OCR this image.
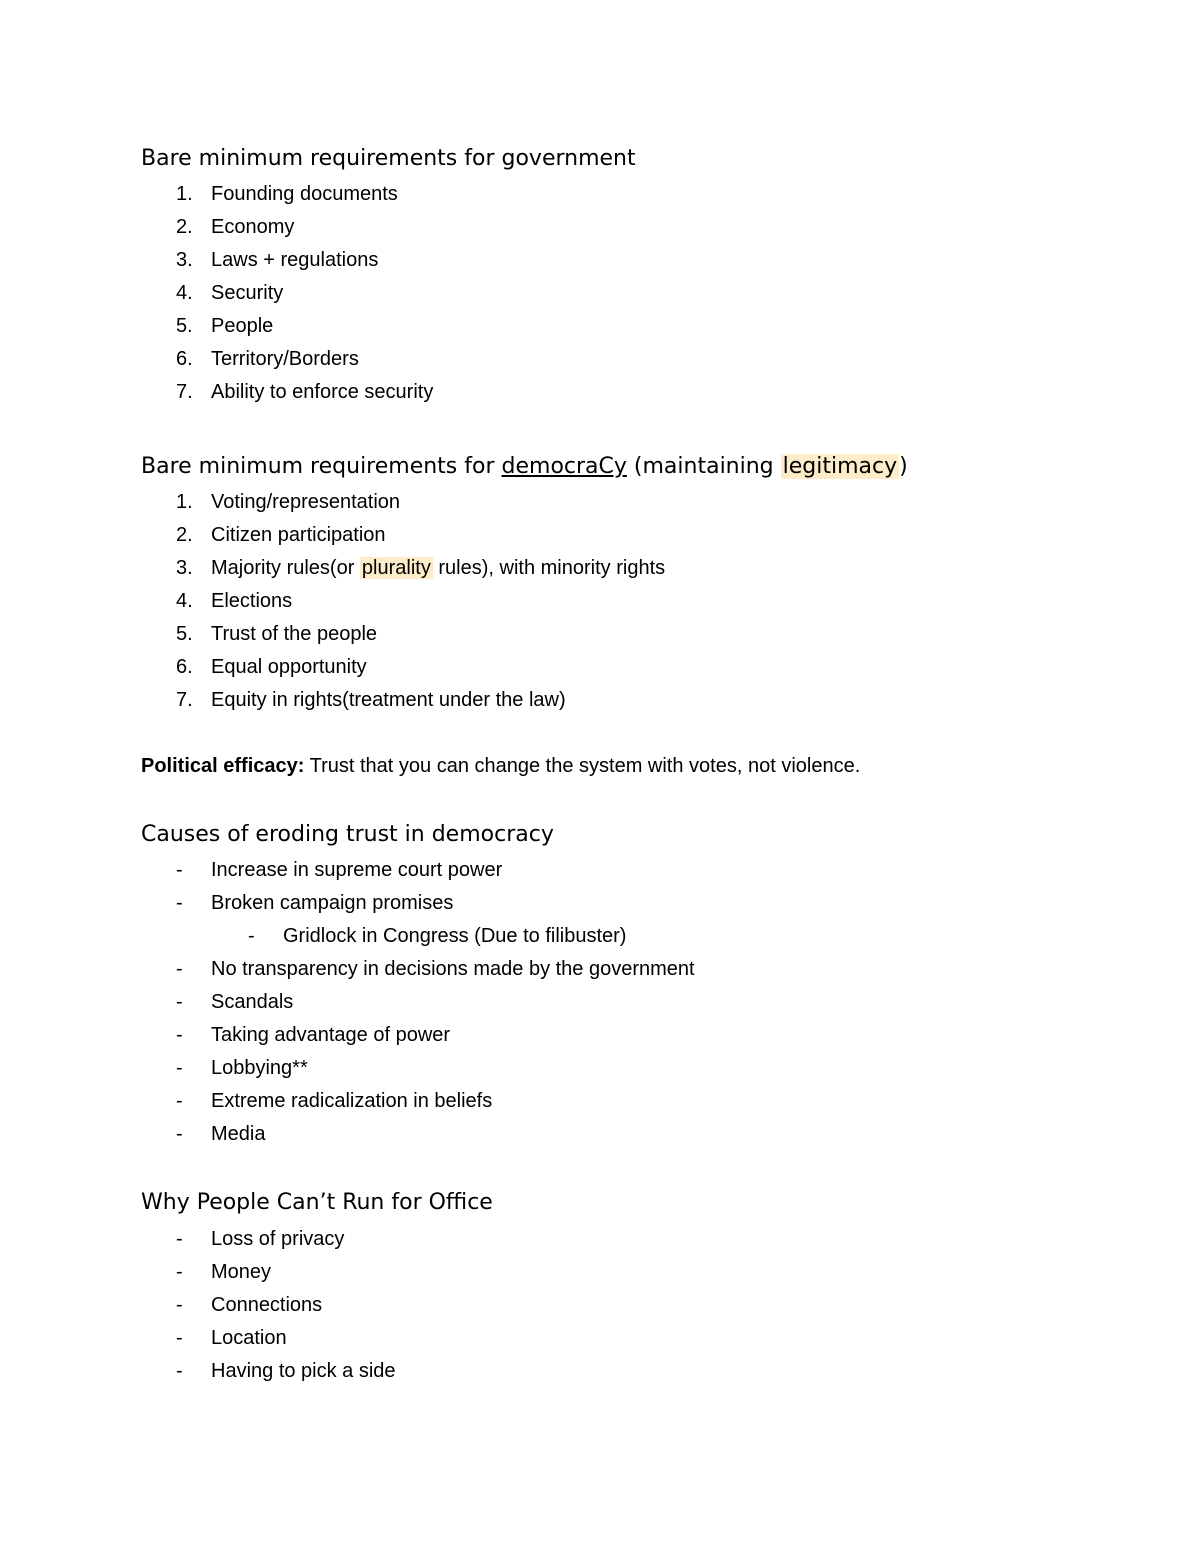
Bare minimum requirements for government
1. Founding documents
2. Economy
3. Laws + regulations
4. Security
5. People
6. Territory/Borders
7. Ability to enforce security
Bare minimum requirements for democraCy (maintaining legitimacy)
1. Voting/representation
2. Citizen participation
3. Majority rules(or plurality rules), with minority rights
4. Elections
5. Trust of the people
6. Equal opportunity
7. Equity in rights(treatment under the law)
Political efficacy: Trust that you can change the system with votes, not violence.
Causes of eroding trust in democracy
-	Increase in supreme court power
-	Broken campaign promises
-	Gridlock in Congress (Due to filibuster)
-	No transparency in decisions made by the government
-	Scandals
-	Taking advantage of power
-	Lobbying**
-	Extreme radicalization in beliefs
-	Media
Why People Can’t Run for Office
-	Loss of privacy
-	Money
-	Connections
-	Location
-	Having to pick a side
